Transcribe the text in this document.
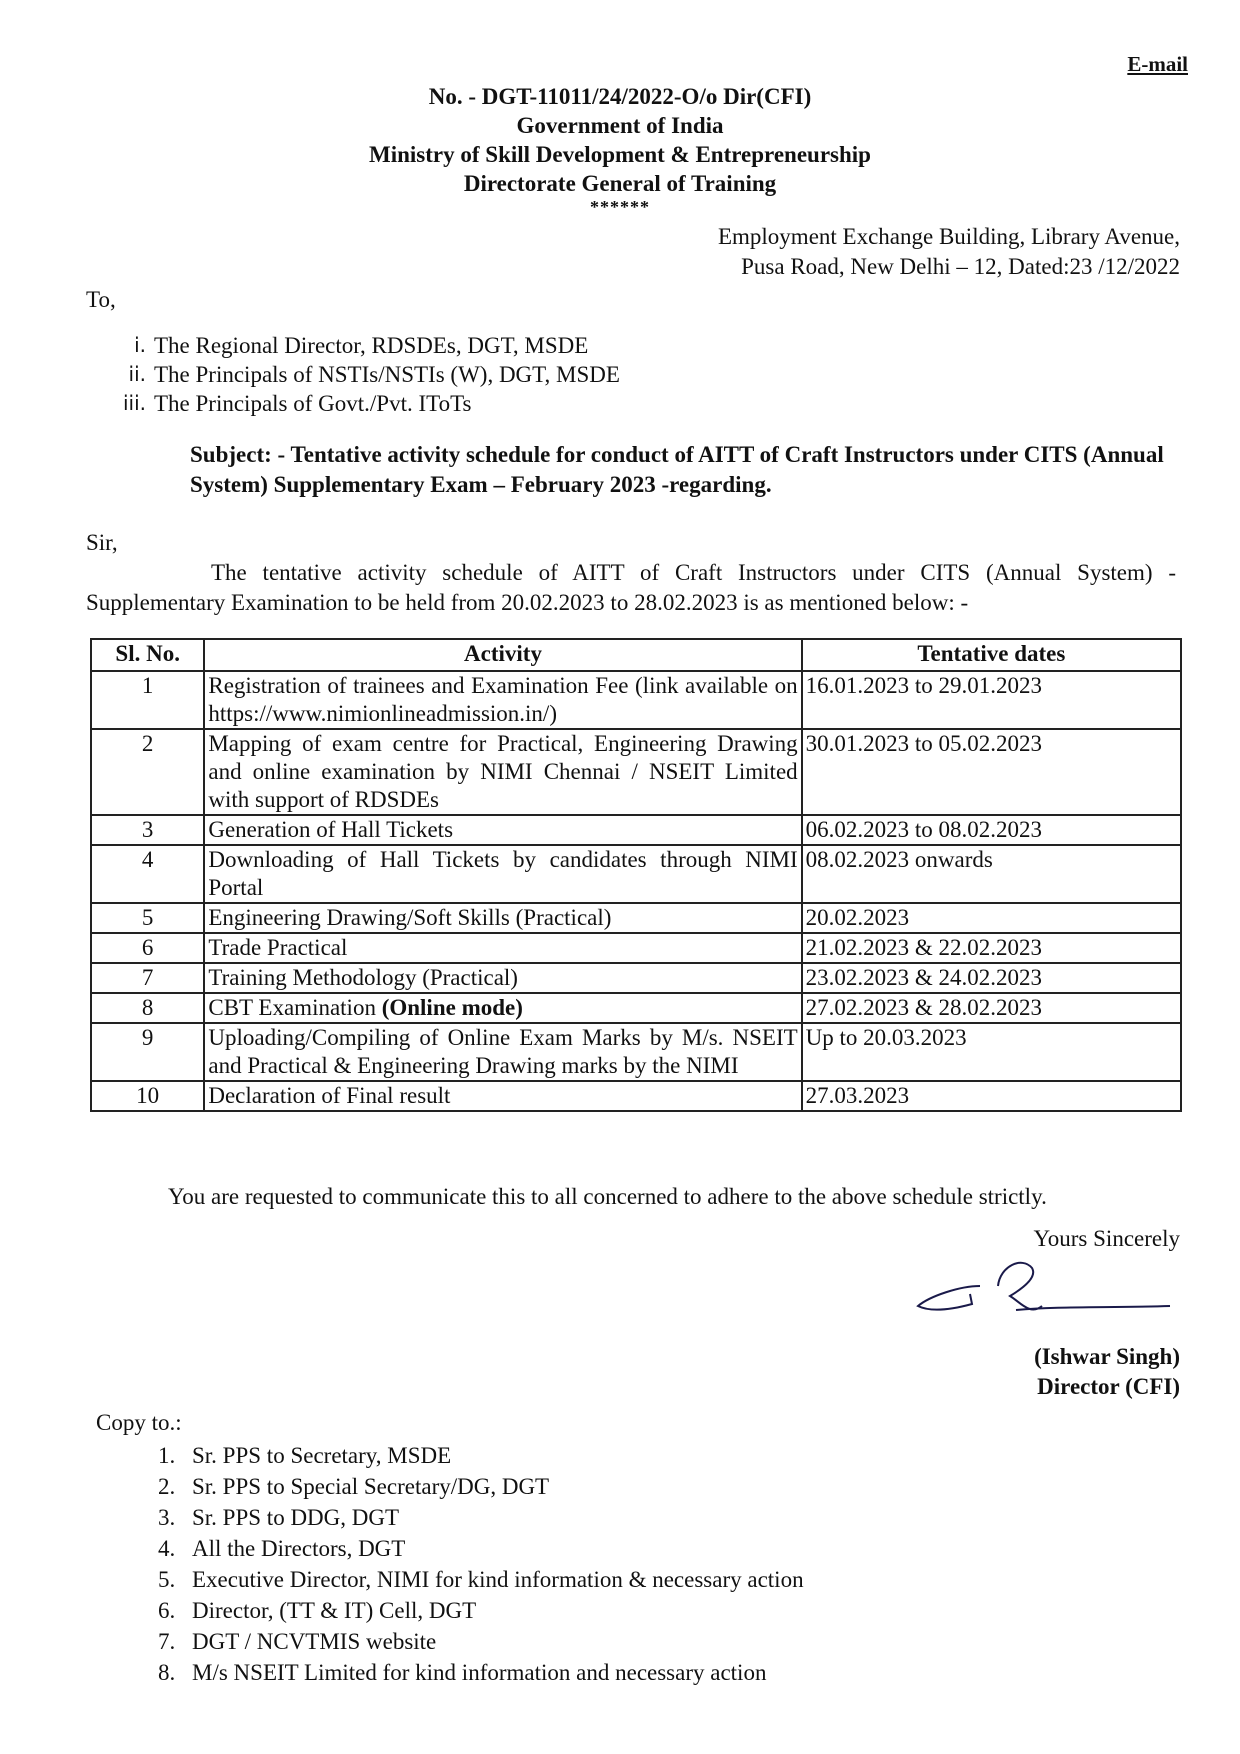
E-mail
No. - DGT-11011/24/2022-O/o Dir(CFI)
Government of India
Ministry of Skill Development & Entrepreneurship
Directorate General of Training
******
Employment Exchange Building, Library Avenue,
Pusa Road, New Delhi – 12, Dated:23 /12/2022
To,
i. The Regional Director, RDSDEs, DGT, MSDE
ii. The Principals of NSTIs/NSTIs (W), DGT, MSDE
iii. The Principals of Govt./Pvt. IToTs
Subject: - Tentative activity schedule for conduct of AITT of Craft Instructors under CITS (Annual System) Supplementary Exam – February 2023 -regarding.
Sir,
The tentative activity schedule of AITT of Craft Instructors under CITS (Annual System) - Supplementary Examination to be held from 20.02.2023 to 28.02.2023 is as mentioned below: -
Sl. No.	Activity	Tentative dates
1	Registration of trainees and Examination Fee (link available on https://www.nimionlineadmission.in/)	16.01.2023 to 29.01.2023
2	Mapping of exam centre for Practical, Engineering Drawing and online examination by NIMI Chennai / NSEIT Limited with support of RDSDEs	30.01.2023 to 05.02.2023
3	Generation of Hall Tickets	06.02.2023 to 08.02.2023
4	Downloading of Hall Tickets by candidates through NIMI Portal	08.02.2023 onwards
5	Engineering Drawing/Soft Skills (Practical)	20.02.2023
6	Trade Practical	21.02.2023 & 22.02.2023
7	Training Methodology (Practical)	23.02.2023 & 24.02.2023
8	CBT Examination (Online mode)	27.02.2023 & 28.02.2023
9	Uploading/Compiling of Online Exam Marks by M/s. NSEIT and Practical & Engineering Drawing marks by the NIMI	Up to 20.03.2023
10	Declaration of Final result	27.03.2023
You are requested to communicate this to all concerned to adhere to the above schedule strictly.
Yours Sincerely
(Ishwar Singh)
Director (CFI)
Copy to.:
1. Sr. PPS to Secretary, MSDE
2. Sr. PPS to Special Secretary/DG, DGT
3. Sr. PPS to DDG, DGT
4. All the Directors, DGT
5. Executive Director, NIMI for kind information & necessary action
6. Director, (TT & IT) Cell, DGT
7. DGT / NCVTMIS website
8. M/s NSEIT Limited for kind information and necessary action
